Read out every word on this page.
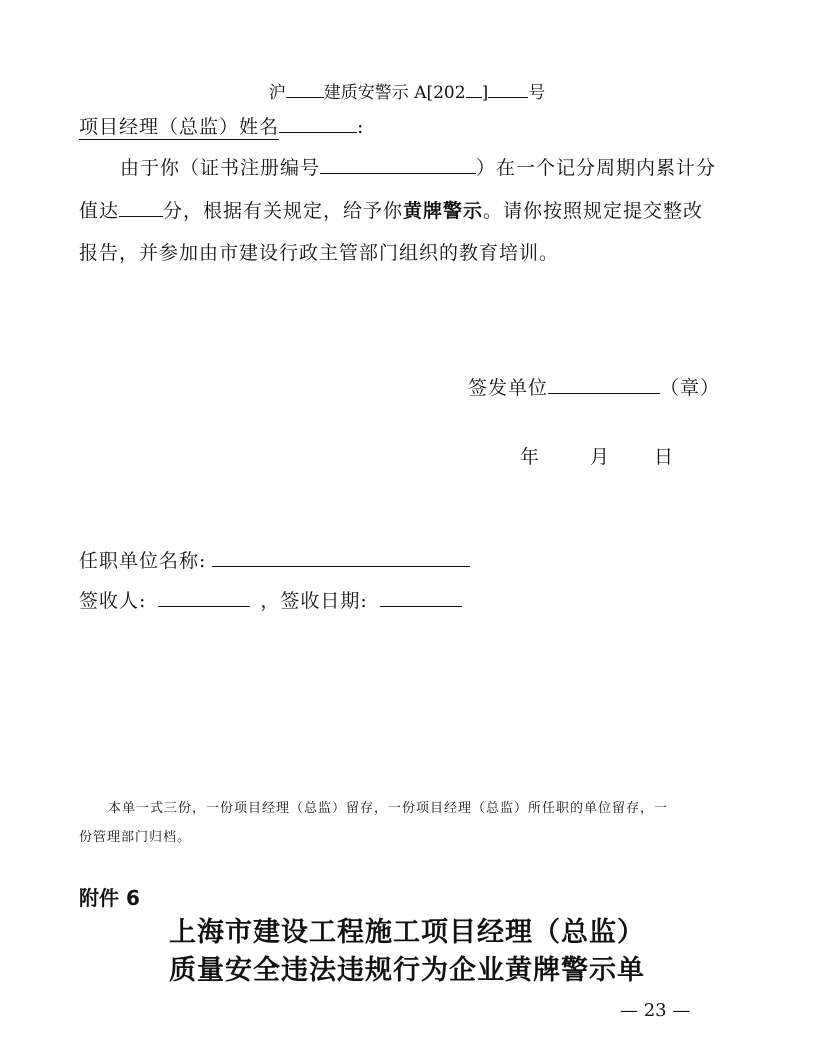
沪 建质安警示 A[202 ] 号
项目经理（总监）姓名	:
由于你（证书注册编号	）在一个记分周期内累计分
值达 分，根据有关规定，给予你黄牌警示。请你按照规定提交整改
报告，并参加由市建设行政主管部门组织的教育培训。
签发单位	（章）
年	月 日
任职单位名称:
签收人:	，签收日期:
本单一式三份，一份项目经理（总监）留存，一份项目经理（总监）所任职的单位留存，一
份管理部门归档。
附件 6
上海市建设工程施工项目经理（总监）
质量安全违法违规行为企业黄牌警示单
— 23 —
